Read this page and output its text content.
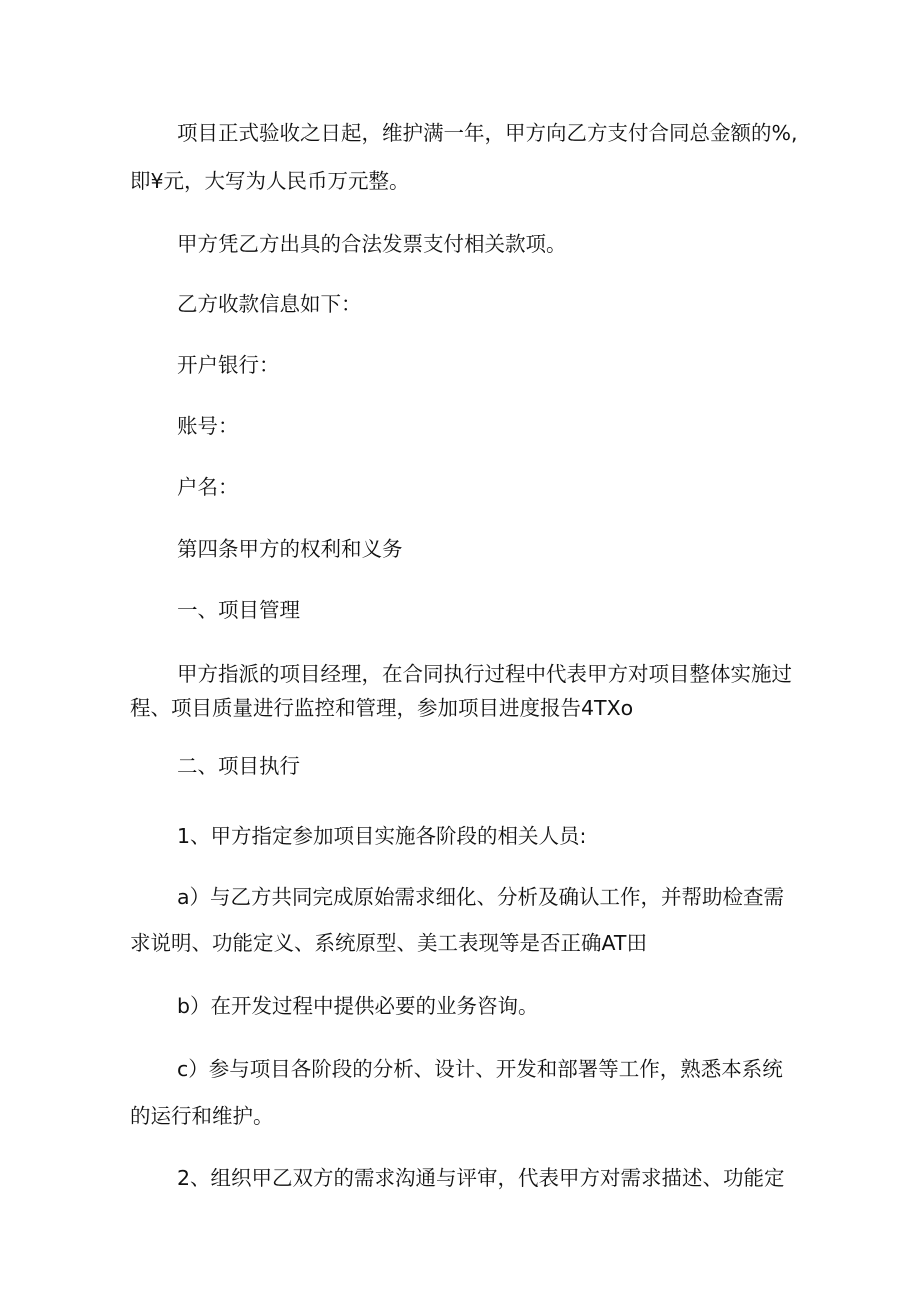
项目正式验收之日起，维护满一年，甲方向乙方支付合同总金额的%,
即¥元，大写为人民币万元整。
甲方凭乙方出具的合法发票支付相关款项。
乙方收款信息如下：
开户银行：
账号：
户名：
第四条甲方的权利和义务
一、项目管理
甲方指派的项目经理，在合同执行过程中代表甲方对项目整体实施过
程、项目质量进行监控和管理，参加项目进度报告4TXo
二、项目执行
1、甲方指定参加项目实施各阶段的相关人员:
a）与乙方共同完成原始需求细化、分析及确认工作，并帮助检查需
求说明、功能定义、系统原型、美工表现等是否正确AT田
b）在开发过程中提供必要的业务咨询。
c）参与项目各阶段的分析、设计、开发和部署等工作，熟悉本系统
的运行和维护。
2、组织甲乙双方的需求沟通与评审，代表甲方对需求描述、功能定
